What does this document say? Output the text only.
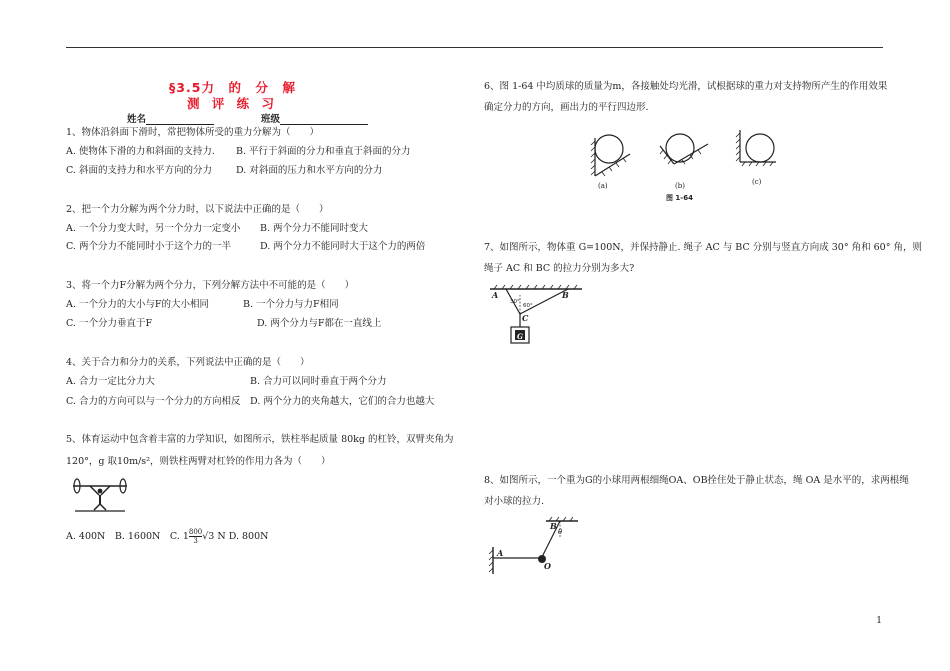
§3.5力　的　分　解
测 评 练 习
姓名	班级
1、物体沿斜面下滑时，常把物体所受的重力分解为（　　）
A. 使物体下滑的力和斜面的支持力. B. 平行于斜面的分力和垂直于斜面的分力
C. 斜面的支持力和水平方向的分力	D. 对斜面的压力和水平方向的分力
2、把一个力分解为两个分力时，以下说法中正确的是（　　）
A. 一个分力变大时，另一个分力一定变小 B. 两个分力不能同时变大
C. 两个分力不能同时小于这个力的一半	D. 两个分力不能同时大于这个力的两倍
3、将一个力F分解为两个分力，下列分解方法中不可能的是（　　）
A. 一个分力的大小与F的大小相同	B. 一个分力与力F相同
C. 一个分力垂直于F	D. 两个分力与F都在一直线上
4、关于合力和分力的关系，下列说法中正确的是（　　）
A. 合力一定比分力大	B. 合力可以同时垂直于两个分力
C. 合力的方向可以与一个分力的方向相反 D. 两个分力的夹角越大，它们的合力也越大
5、体育运动中包含着丰富的力学知识，如图所示，铁柱举起质量 80kg 的杠铃，双臂夹角为
120°，g 取10m/s²，则铁柱两臂对杠铃的作用力各为（　　）
A. 400N　B. 1600N　C. $1 \frac{800}{3} √3$ N D. 800N
6、图 1-64 中均质球的质量为m，各接触处均光滑，试根据球的重力对支持物所产生的作用效果
确定分力的方向，画出力的平行四边形.
(a)	(b)	(c)
图 1-64
7、如图所示，物体重 G=100N，并保持静止. 绳子 AC 与 BC 分别与竖直方向成 30° 角和 60° 角，则
绳子 AC 和 BC 的拉力分别为多大?
A	B
C
G
30°
60°
8、如图所示，一个重为G的小球用两根细绳OA、OB拴住处于静止状态，绳 OA 是水平的，求两根绳
对小球的拉力.
A
B
O
θ
1
